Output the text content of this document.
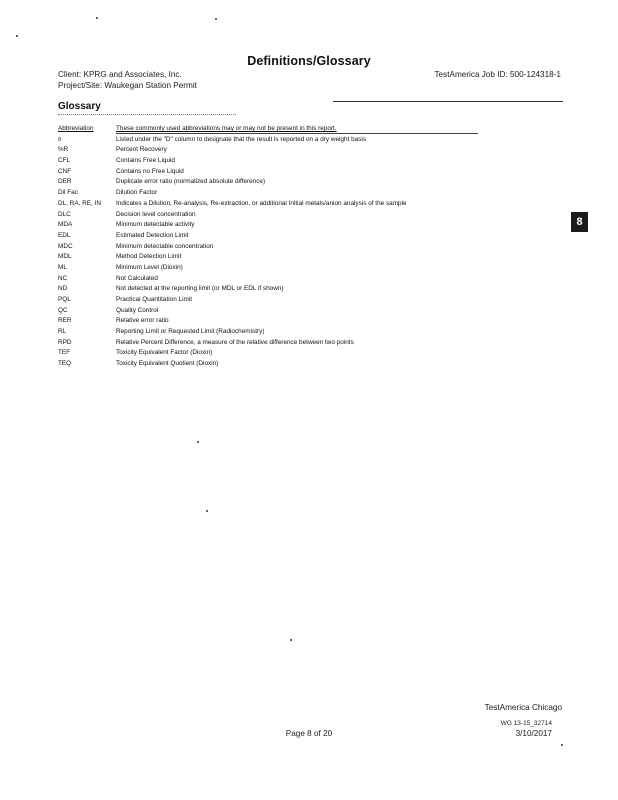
Definitions/Glossary
Client: KPRG and Associates, Inc.
Project/Site: Waukegan Station Permit
TestAmerica Job ID: 500-124318-1
Glossary
Abbreviation	These commonly used abbreviations may or may not be present in this report.
¤	Listed under the "D" column to designate that the result is reported on a dry weight basis
%R	Percent Recovery
CFL	Contains Free Liquid
CNF	Contains no Free Liquid
DER	Duplicate error ratio (normalized absolute difference)
Dil Fac	Dilution Factor
DL, RA, RE, IN	Indicates a Dilution, Re-analysis, Re-extraction, or additional Initial metals/anion analysis of the sample
DLC	Decision level concentration
MDA	Minimum detectable activity
EDL	Estimated Detection Limit
MDC	Minimum detectable concentration
MDL	Method Detection Limit
ML	Minimum Level (Dioxin)
NC	Not Calculated
ND	Not detected at the reporting limit (or MDL or EDL if shown)
PQL	Practical Quantitation Limit
QC	Quality Control
RER	Relative error ratio
RL	Reporting Limit or Requested Limit (Radiochemistry)
RPD	Relative Percent Difference, a measure of the relative difference between two points
TEF	Toxicity Equivalent Factor (Dioxin)
TEQ	Toxicity Equivalent Quotient (Dioxin)
8
TestAmerica Chicago
WG 13-15_32714
Page 8 of 20	3/10/2017
